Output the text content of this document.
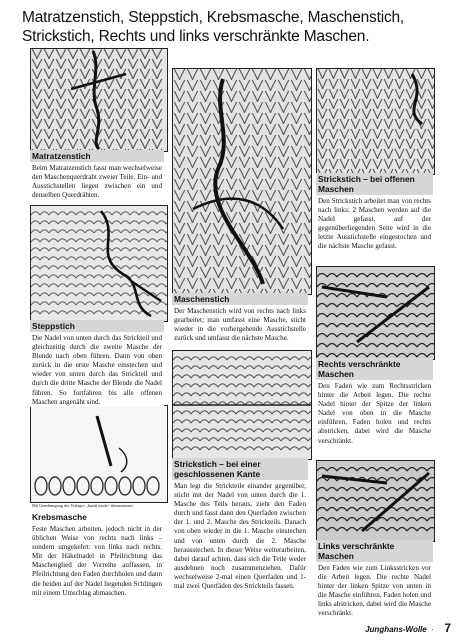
Matratzenstich, Steppstich, Krebsmasche, Maschenstich, Strickstich, Rechts und links verschränkte Maschen.
Matratzenstich
Beim Matratzenstich fasst man wechselweise den Maschenquerdraht zweier Teile. Ein- und Ausstichstellen liegen zwischen ein und denselben Querdrähten.
Steppstich
Die Nadel von unten durch das Strickteil und gleichzeitig durch die zweite Masche der Blende nach oben führen. Dann von oben zurück in die erste Masche einstechen und wieder von unten durch das Strickteil und durch die dritte Masche der Blende die Nadel führen. So fortfahren bis alle offenen Maschen angenäht sind.
Mit Genehmigung des Verlages „burda mode“ übernommen.
Krebsmasche
Feste Maschen arbeiten, jedoch nicht in der üblichen Weise von rechts nach links – sondern umgekehrt: von links nach rechts. Mit der Häkelnadel in Pfeilrichtung das Maschenglied der Vorreihe auffassen, in Pfeilrichtung den Faden durchholen und dann die beiden auf der Nadel liegenden Schlingen mit einem Umschlag abmaschen.
Maschenstich
Der Maschenstich wird von rechts nach links gearbeitet; man umfasst eine Masche, sticht wieder in die vorhergehende Ausstichstelle zurück und umfasst die nächste Masche.
Strickstich – bei einer geschlossenen Kante
Man legt die Strickteile einander gegenüber, sticht mit der Nadel von unten durch die 1. Masche des Teils heraus, zieht den Faden durch und fasst dann den Querfaden zwischen der 1. und 2. Masche des Strickteils. Danach von oben wieder in die 1. Masche einstechen und von unten durch die 2. Masche herausstechen. In dieser Weise weiterarbeiten, dabei darauf achten, dass sich die Teile weder ausdehnen noch zusammenziehen. Dafür wechselweise 2-mal einen Querfaden und 1-mal zwei Querfäden des Strickteils fassen.
Strickstich – bei offenen Maschen
Den Strickstich arbeitet man von rechts nach links: 2 Maschen werden auf die Nadel gefasst, auf der gegenüberliegenden Seite wird in die letzte Ausstichstelle eingestochen und die nächste Masche gefasst.
Rechts verschränkte Maschen
Den Faden wie zum Rechtsstricken hinter die Arbeit legen. Die rechte Nadel hinter der Spitze der linken Nadel von oben in die Masche einführen, Faden holen und rechts abstricken, dabei wird die Masche verschränkt.
Links verschränkte Maschen
Den Faden wie zum Linksstricken vor die Arbeit legen. Die rechte Nadel hinter der linken Spitze von unten in die Masche einführen, Faden holen und links abstricken, dabei wird die Masche verschränkt.
Junghans-Wolle · 7
